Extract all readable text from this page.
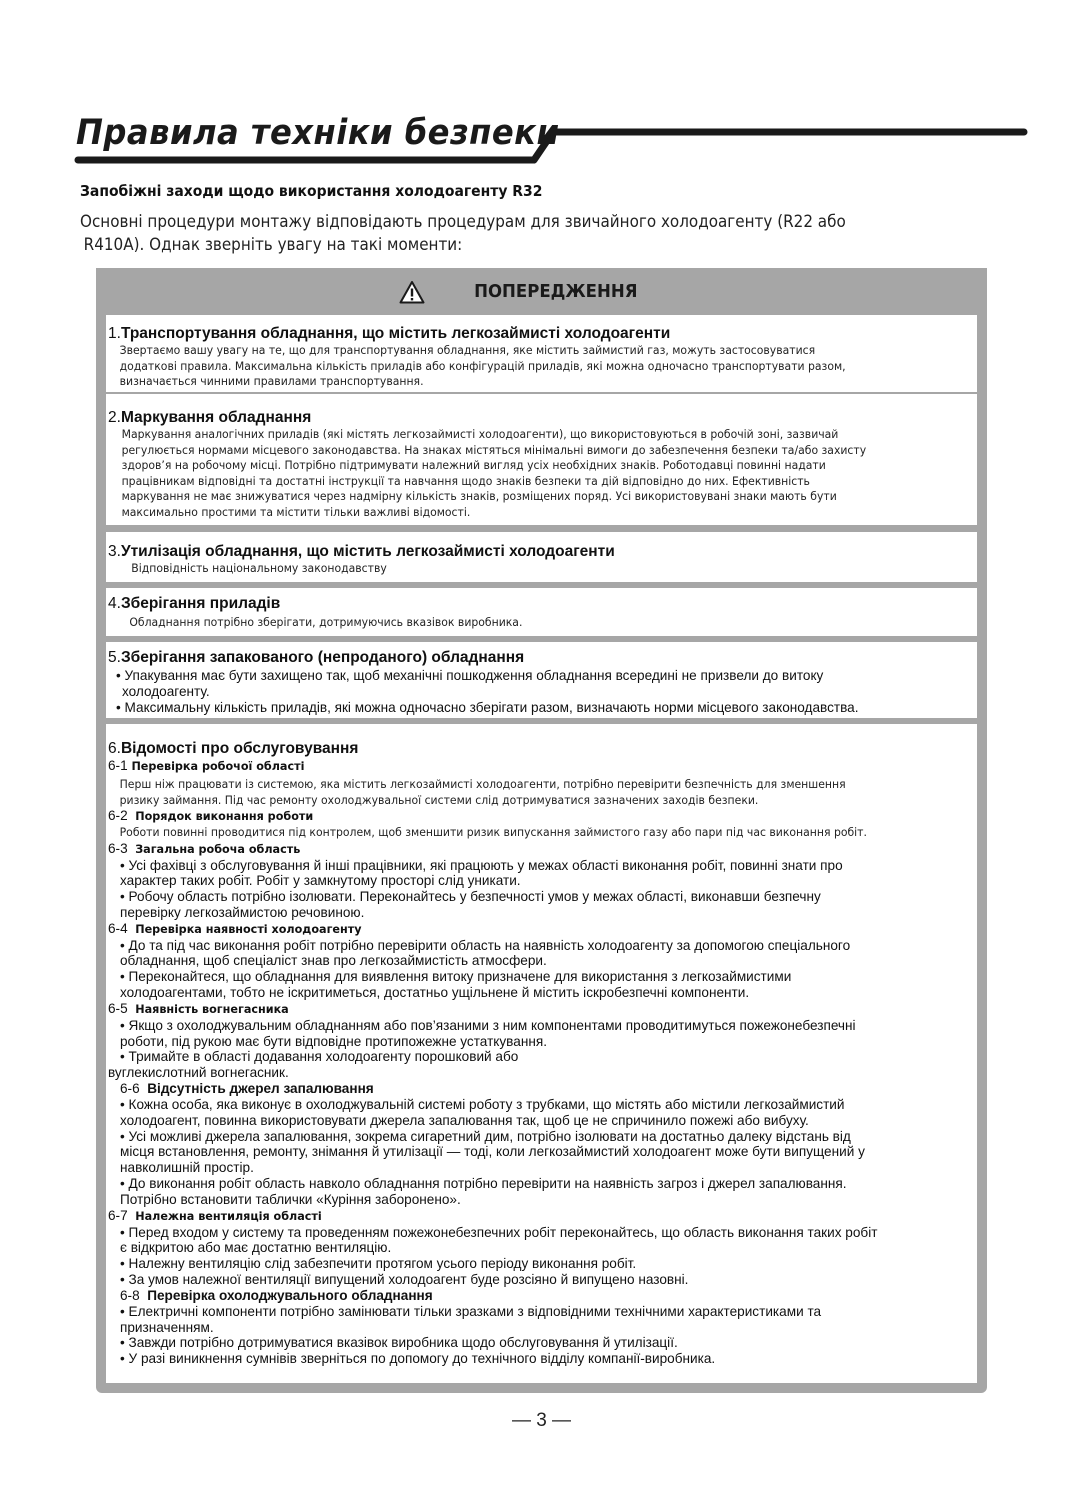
Правила техніки безпеки
Запобіжні заходи щодо використання холодоагенту R32
Основні процедури монтажу відповідають процедурам для звичайного холодоагенту (R22 або
R410A). Однак зверніть увагу на такі моменти:
ПОПЕРЕДЖЕННЯ
1.Транспортування обладнання, що містить легкозаймисті холодоагенти
Звертаємо вашу увагу на те, що для транспортування обладнання, яке містить займистий газ, можуть застосовуватися
додаткові правила. Максимальна кількість приладів або конфігурацій приладів, які можна одночасно транспортувати разом,
визначається чинними правилами транспортування.
2.Маркування обладнання
Маркування аналогічних приладів (які містять легкозаймисті холодоагенти), що використовуються в робочій зоні, зазвичай
регулюється нормами місцевого законодавства. На знаках містяться мінімальні вимоги до забезпечення безпеки та/або захисту
здоров’я на робочому місці. Потрібно підтримувати належний вигляд усіх необхідних знаків. Роботодавці повинні надати
працівникам відповідні та достатні інструкції та навчання щодо знаків безпеки та дій відповідно до них. Ефективність
маркування не має знижуватися через надмірну кількість знаків, розміщених поряд. Усі використовувані знаки мають бути
максимально простими та містити тільки важливі відомості.
3.Утилізація обладнання, що містить легкозаймисті холодоагенти
Відповідність національному законодавству
4.Зберігання приладів
Обладнання потрібно зберігати, дотримуючись вказівок виробника.
5.Зберігання запакованого (непроданого) обладнання
• Упакування має бути захищено так, щоб механічні пошкодження обладнання всередині не призвели до витоку
холодоагенту.
• Максимальну кількість приладів, які можна одночасно зберігати разом, визначають норми місцевого законодавства.
6.Відомості про обслуговування
6-1 Перевірка робочої області
Перш ніж працювати із системою, яка містить легкозаймисті холодоагенти, потрібно перевірити безпечність для зменшення
ризику займання. Під час ремонту охолоджувальної системи слід дотримуватися зазначених заходів безпеки.
6-2 Порядок виконання роботи
Роботи повинні проводитися під контролем, щоб зменшити ризик випускання займистого газу або пари під час виконання робіт.
6-3 Загальна робоча область
• Усі фахівці з обслуговування й інші працівники, які працюють у межах області виконання робіт, повинні знати про
характер таких робіт. Робіт у замкнутому просторі слід уникати.
• Робочу область потрібно ізолювати. Переконайтесь у безпечності умов у межах області, виконавши безпечну
перевірку легкозаймистою речовиною.
6-4 Перевірка наявності холодоагенту
• До та під час виконання робіт потрібно перевірити область на наявність холодоагенту за допомогою спеціального
обладнання, щоб спеціаліст знав про легкозаймистість атмосфери.
• Переконайтеся, що обладнання для виявлення витоку призначене для використання з легкозаймистими
холодоагентами, тобто не іскритиметься, достатньо ущільнене й містить іскробезпечні компоненти.
6-5 Наявність вогнегасника
• Якщо з охолоджувальним обладнанням або пов’язаними з ним компонентами проводитимуться пожежонебезпечні
роботи, під рукою має бути відповідне протипожежне устаткування.
• Тримайте в області додавання холодоагенту порошковий або
вуглекислотний вогнегасник.
6-6 Відсутність джерел запалювання
• Кожна особа, яка виконує в охолоджувальній системі роботу з трубками, що містять або містили легкозаймистий
холодоагент, повинна використовувати джерела запалювання так, щоб це не спричинило пожежі або вибуху.
• Усі можливі джерела запалювання, зокрема сигаретний дим, потрібно ізолювати на достатньо далеку відстань від
місця встановлення, ремонту, знімання й утилізації — тоді, коли легкозаймистий холодоагент може бути випущений у
навколишній простір.
• До виконання робіт область навколо обладнання потрібно перевірити на наявність загроз і джерел запалювання.
Потрібно встановити таблички «Куріння заборонено».
6-7 Належна вентиляція області
• Перед входом у систему та проведенням пожежонебезпечних робіт переконайтесь, що область виконання таких робіт
є відкритою або має достатню вентиляцію.
• Належну вентиляцію слід забезпечити протягом усього періоду виконання робіт.
• За умов належної вентиляції випущений холодоагент буде розсіяно й випущено назовні.
6-8 Перевірка охолоджувального обладнання
• Електричні компоненти потрібно замінювати тільки зразками з відповідними технічними характеристиками та
призначенням.
• Завжди потрібно дотримуватися вказівок виробника щодо обслуговування й утилізації.
• У разі виникнення сумнівів зверніться по допомогу до технічного відділу компанії-виробника.
— 3 —
